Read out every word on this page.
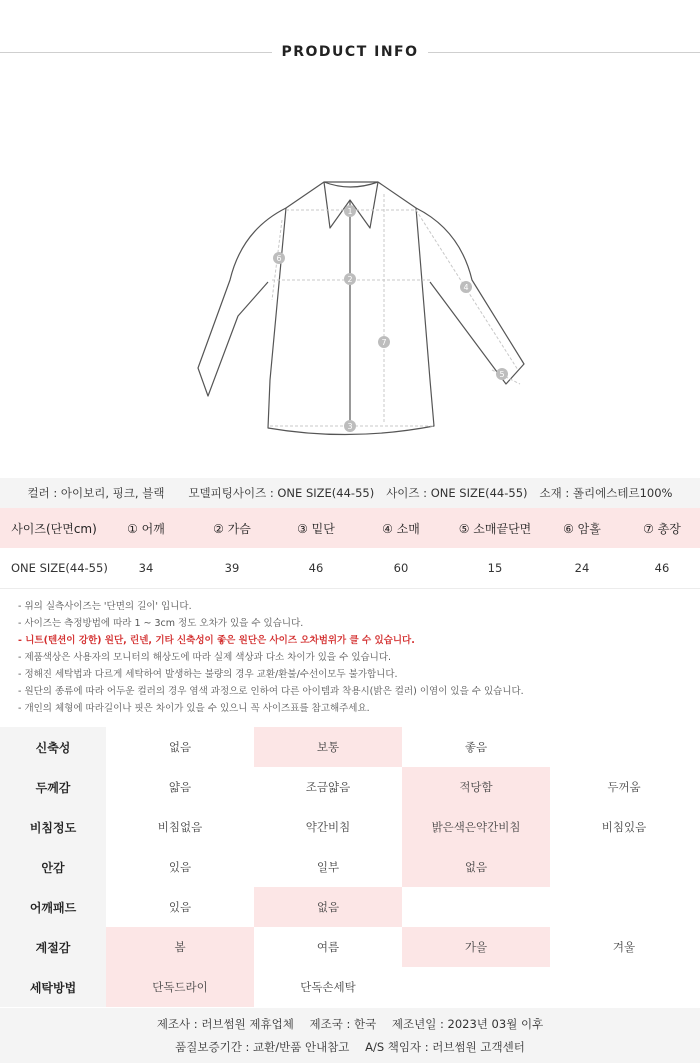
PRODUCT INFO
1
2
3
4
5
6
7
컬러 : 아이보리, 핑크, 블랙 모델피팅사이즈 : ONE SIZE(44-55) 사이즈 : ONE SIZE(44-55) 소재 : 폴리에스테르100%
사이즈(단면cm)	① 어깨	② 가슴	③ 밑단	④ 소매	⑤ 소매끝단면	⑥ 암홀	⑦ 총장
ONE SIZE(44-55)	34	39	46	60	15	24	46
- 위의 실측사이즈는 '단면의 길이' 입니다.
- 사이즈는 측정방법에 따라 1 ~ 3cm 정도 오차가 있을 수 있습니다.
- 니트(텐션이 강한) 원단, 린넨, 기타 신축성이 좋은 원단은 사이즈 오차범위가 클 수 있습니다.
- 제품색상은 사용자의 모니터의 해상도에 따라 실제 색상과 다소 차이가 있을 수 있습니다.
- 정해진 세탁법과 다르게 세탁하여 발생하는 불량의 경우 교환/환불/수선이모두 불가합니다.
- 원단의 종류에 따라 어두운 컬러의 경우 염색 과정으로 인하여 다른 아이템과 착용시(밝은 컬러) 이염이 있을 수 있습니다.
- 개인의 체형에 따라길이나 핏은 차이가 있을 수 있으니 꼭 사이즈표를 참고해주세요.
신축성	없음	보통	좋음
두께감	얇음	조금얇음	적당함	두꺼움
비침정도	비침없음	약간비침	밝은색은약간비침	비침있음
안감	있음	일부	없음
어깨패드	있음	없음
계절감	봄	여름	가을	겨울
세탁방법	단독드라이	단독손세탁
제조사 : 러브썸원 제휴업체 제조국 : 한국 제조년일 : 2023년 03월 이후
품질보증기간 : 교환/반품 안내참고 A/S 책임자 : 러브썸원 고객센터
